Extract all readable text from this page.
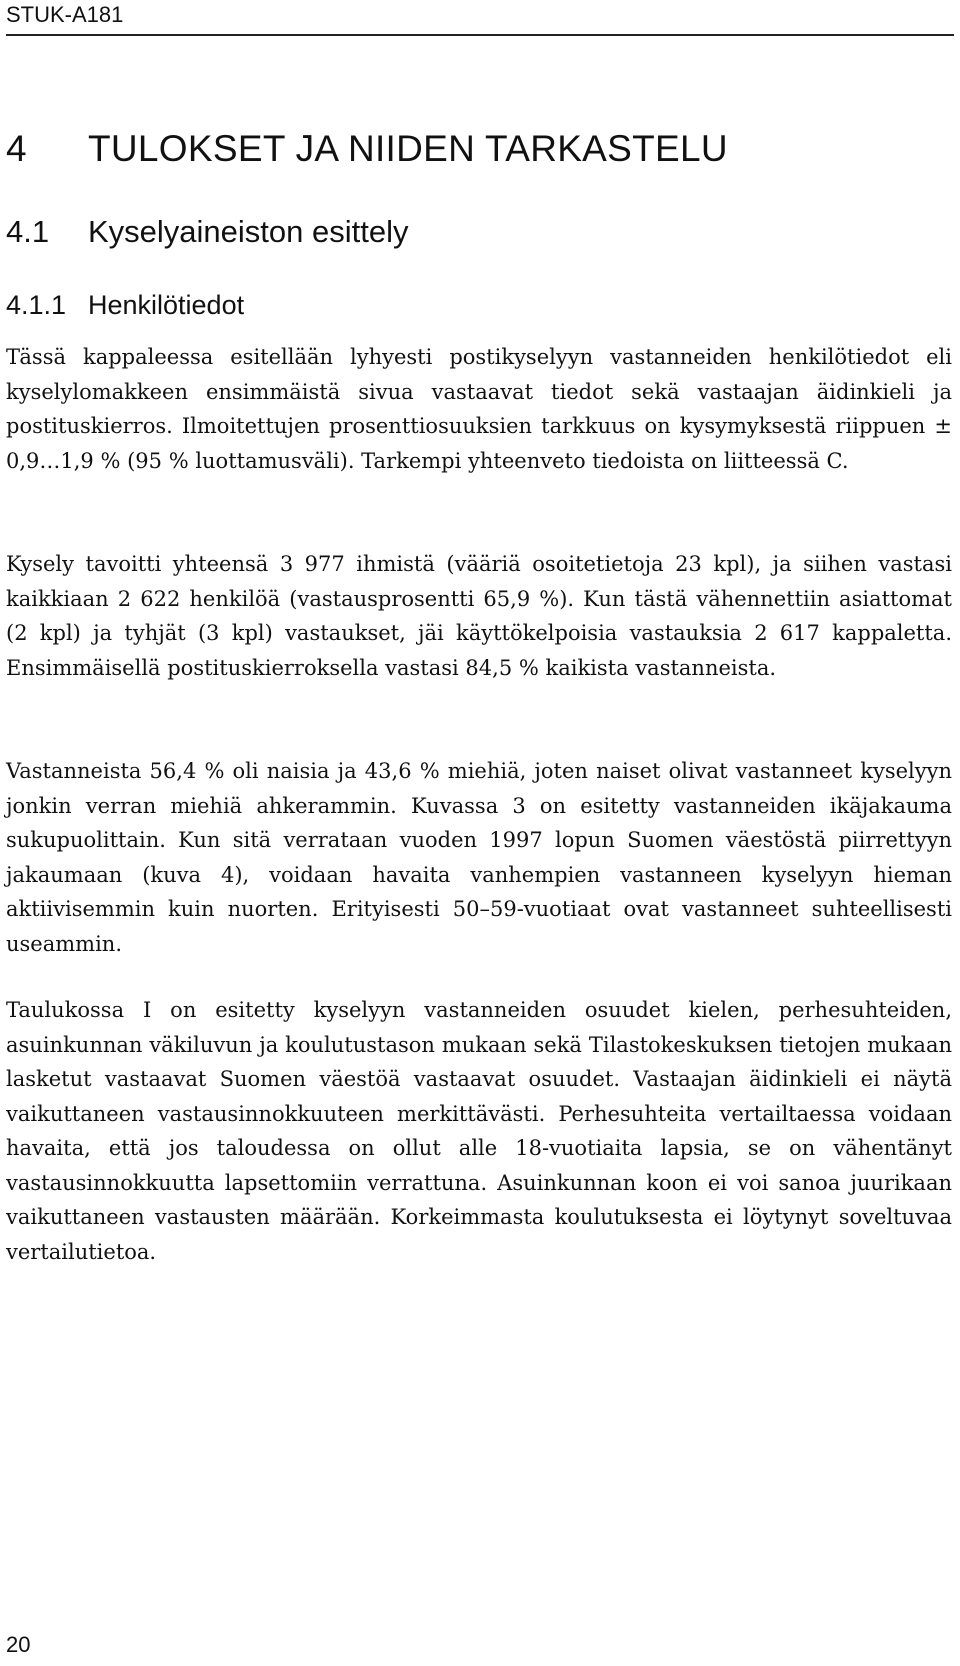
STUK-A181
4 TULOKSET JA NIIDEN TARKASTELU
4.1 Kyselyaineiston esittely
4.1.1 Henkilötiedot

Tässä kappaleessa esitellään lyhyesti postikyselyyn vastanneiden henkilötiedot eli kyselylomakkeen ensimmäistä sivua vastaavat tiedot sekä vastaajan äidinkieli ja postituskierros. Ilmoitettujen prosenttiosuuksien tarkkuus on kysymyksestä riippuen ± 0,9…1,9 % (95 % luottamusväli). Tarkempi yhteenveto tiedoista on liitteessä C.

Kysely tavoitti yhteensä 3 977 ihmistä (vääriä osoitetietoja 23 kpl), ja siihen vastasi kaikkiaan 2 622 henkilöä (vastausprosentti 65,9 %). Kun tästä vähennettiin asiattomat (2 kpl) ja tyhjät (3 kpl) vastaukset, jäi käyttökelpoisia vastauksia 2 617 kappaletta. Ensimmäisellä postituskierroksella vastasi 84,5 % kaikista vastanneista.

Vastanneista 56,4 % oli naisia ja 43,6 % miehiä, joten naiset olivat vastanneet kyselyyn jonkin verran miehiä ahkerammin. Kuvassa 3 on esitetty vastanneiden ikäjakauma sukupuolittain. Kun sitä verrataan vuoden 1997 lopun Suomen väestöstä piirrettyyn jakaumaan (kuva 4), voidaan havaita vanhempien vastanneen kyselyyn hieman aktiivisemmin kuin nuorten. Erityisesti 50–59-vuotiaat ovat vastanneet suhteellisesti useammin.

Taulukossa I on esitetty kyselyyn vastanneiden osuudet kielen, perhesuhteiden, asuinkunnan väkiluvun ja koulutustason mukaan sekä Tilastokeskuksen tietojen mukaan lasketut vastaavat Suomen väestöä vastaavat osuudet. Vastaajan äidinkieli ei näytä vaikuttaneen vastausinnokkuuteen merkittävästi. Perhesuhteita vertailtaessa voidaan havaita, että jos taloudessa on ollut alle 18-vuotiaita lapsia, se on vähentänyt vastausinnokkuutta lapsettomiin verrattuna. Asuinkunnan koon ei voi sanoa juurikaan vaikuttaneen vastausten määrään. Korkeimmasta koulutuksesta ei löytynyt soveltuvaa vertailutietoa.

20
